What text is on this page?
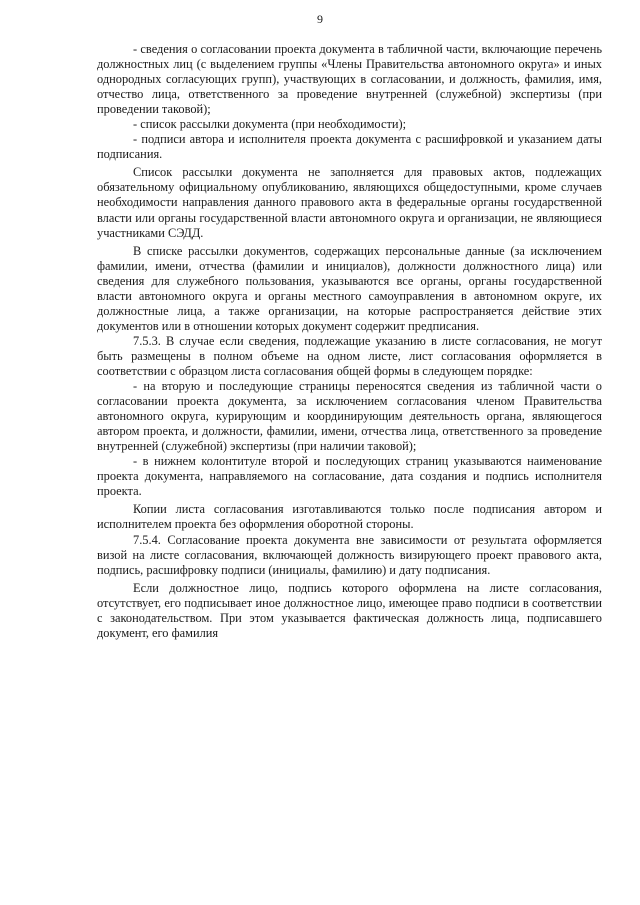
9

- сведения о согласовании проекта документа в табличной части, включающие перечень должностных лиц (с выделением группы «Члены Правительства автономного округа» и иных однородных согласующих групп), участвующих в согласовании, и должность, фамилия, имя, отчество лица, ответственного за проведение внутренней (служебной) экспертизы (при проведении таковой);

- список рассылки документа (при необходимости);

- подписи автора и исполнителя проекта документа с расшифровкой и указанием даты подписания.

Список рассылки документа не заполняется для правовых актов, подлежащих обязательному официальному опубликованию, являющихся общедоступными, кроме случаев необходимости направления данного правового акта в федеральные органы государственной власти или органы государственной власти автономного округа и организации, не являющиеся участниками СЭДД.

В списке рассылки документов, содержащих персональные данные (за исключением фамилии, имени, отчества (фамилии и инициалов), должности должностного лица) или сведения для служебного пользования, указываются все органы, органы государственной власти автономного округа и органы местного самоуправления в автономном округе, их должностные лица, а также организации, на которые распространяется действие этих документов или в отношении которых документ содержит предписания.

7.5.3. В случае если сведения, подлежащие указанию в листе согласования, не могут быть размещены в полном объеме на одном листе, лист согласования оформляется в соответствии с образцом листа согласования общей формы в следующем порядке:

- на вторую и последующие страницы переносятся сведения из табличной части о согласовании проекта документа, за исключением согласования членом Правительства автономного округа, курирующим и координирующим деятельность органа, являющегося автором проекта, и должности, фамилии, имени, отчества лица, ответственного за проведение внутренней (служебной) экспертизы (при наличии таковой);

- в нижнем колонтитуле второй и последующих страниц указываются наименование проекта документа, направляемого на согласование, дата создания и подпись исполнителя проекта.

Копии листа согласования изготавливаются только после подписания автором и исполнителем проекта без оформления оборотной стороны.

7.5.4. Согласование проекта документа вне зависимости от результата оформляется визой на листе согласования, включающей должность визирующего проект правового акта, подпись, расшифровку подписи (инициалы, фамилию) и дату подписания.

Если должностное лицо, подпись которого оформлена на листе согласования, отсутствует, его подписывает иное должностное лицо, имеющее право подписи в соответствии с законодательством. При этом указывается фактическая должность лица, подписавшего документ, его фамилия
